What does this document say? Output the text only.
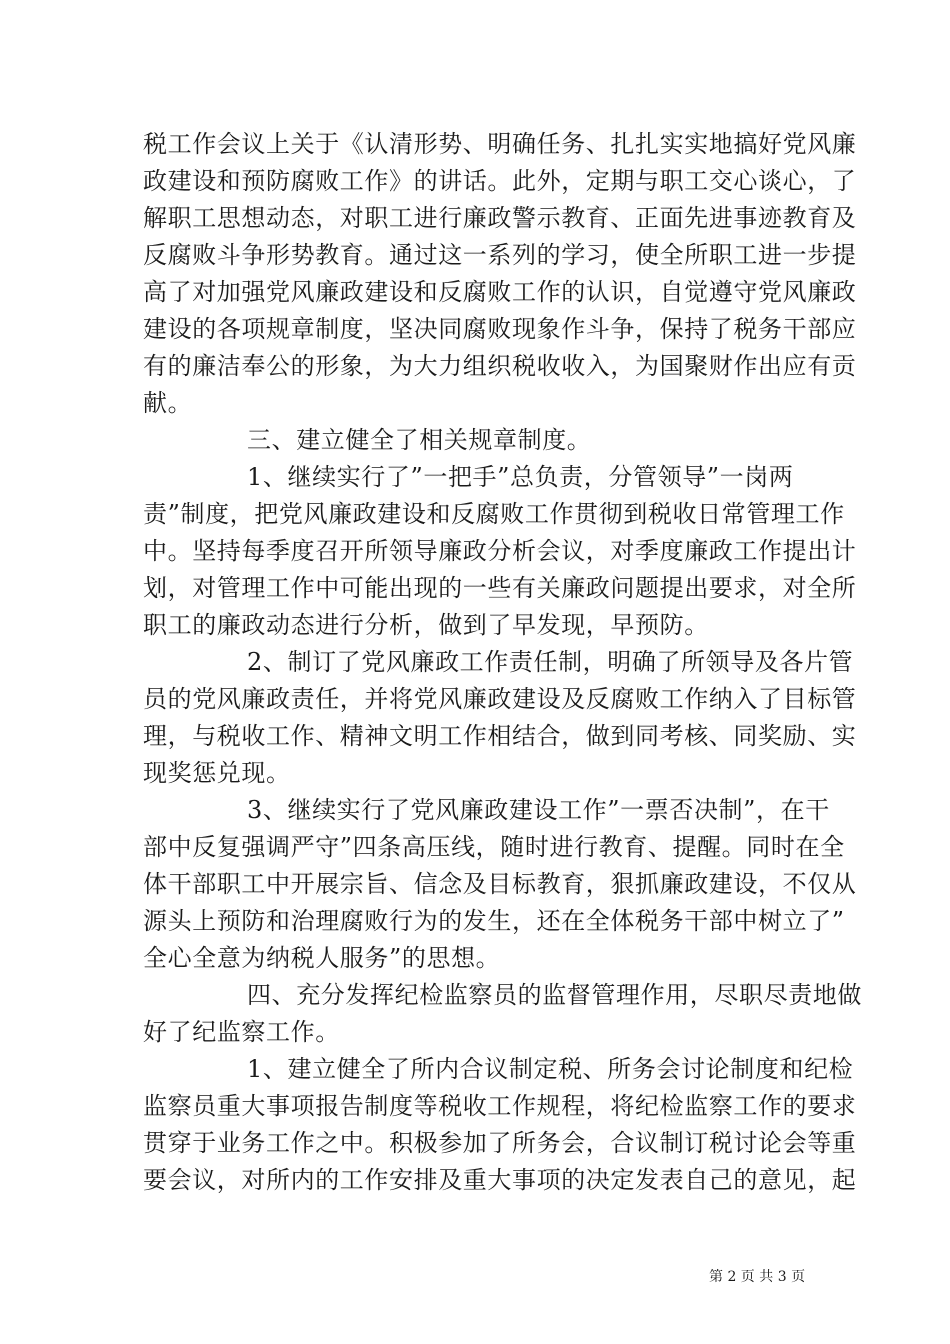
税工作会议上关于《认清形势、明确任务、扎扎实实地搞好党风廉
政建设和预防腐败工作》的讲话。此外，定期与职工交心谈心，了
解职工思想动态，对职工进行廉政警示教育、正面先进事迹教育及
反腐败斗争形势教育。通过这一系列的学习，使全所职工进一步提
高了对加强党风廉政建设和反腐败工作的认识，自觉遵守党风廉政
建设的各项规章制度，坚决同腐败现象作斗争，保持了税务干部应
有的廉洁奉公的形象，为大力组织税收收入，为国聚财作出应有贡
献。
三、建立健全了相关规章制度。
1、继续实行了”一把手”总负责，分管领导”一岗两
责”制度，把党风廉政建设和反腐败工作贯彻到税收日常管理工作
中。坚持每季度召开所领导廉政分析会议，对季度廉政工作提出计
划，对管理工作中可能出现的一些有关廉政问题提出要求，对全所
职工的廉政动态进行分析，做到了早发现，早预防。
2、制订了党风廉政工作责任制，明确了所领导及各片管
员的党风廉政责任，并将党风廉政建设及反腐败工作纳入了目标管
理，与税收工作、精神文明工作相结合，做到同考核、同奖励、实
现奖惩兑现。
3、继续实行了党风廉政建设工作”一票否决制”，在干
部中反复强调严守”四条高压线，随时进行教育、提醒。同时在全
体干部职工中开展宗旨、信念及目标教育，狠抓廉政建设，不仅从
源头上预防和治理腐败行为的发生，还在全体税务干部中树立了”
全心全意为纳税人服务”的思想。
四、充分发挥纪检监察员的监督管理作用，尽职尽责地做
好了纪监察工作。
1、建立健全了所内合议制定税、所务会讨论制度和纪检
监察员重大事项报告制度等税收工作规程，将纪检监察工作的要求
贯穿于业务工作之中。积极参加了所务会，合议制订税讨论会等重
要会议，对所内的工作安排及重大事项的决定发表自己的意见，起
第 2 页 共 3 页
